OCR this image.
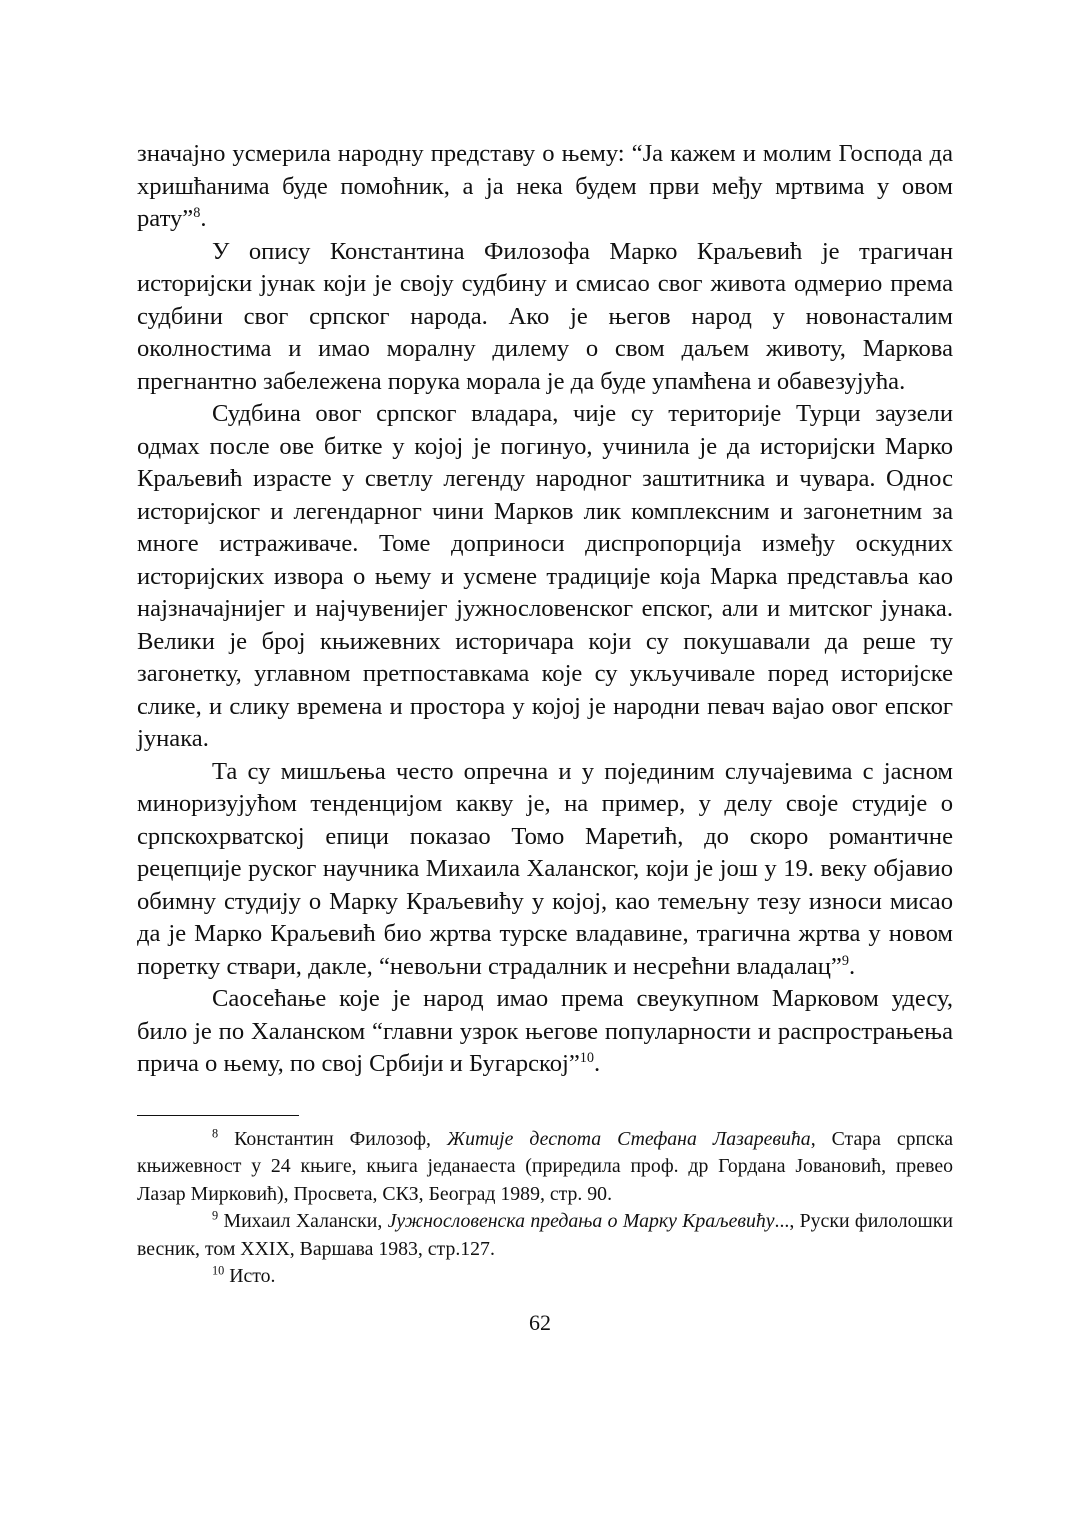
значајно усмерила народну представу о њему: “Ја кажем и молим Господа да хришћанима буде помоћник, а ја нека будем први међу мртвима у овом рату”$^8$.

У опису Константина Филозофа Марко Краљевић је трагичан историјски јунак који је своју судбину и смисао свог живота одмерио према судбини свог српског народа. Ако је његов народ у новонасталим околностима и имао моралну дилему о свом даљем животу, Маркова прегнантно забележена порука морала је да буде упамћена и обавезујућа.

Судбина овог српског владара, чије су територије Турци заузели одмах после ове битке у којој је погинуо, учинила је да историјски Марко Краљевић израсте у светлу легенду народног заштитника и чувара. Однос историјског и легендарног чини Марков лик комплексним и загонетним за многе истраживаче. Томе доприноси диспропорција између оскудних историјских извора о њему и усмене традиције која Марка представља као најзначајнијег и најчувенијег јужнословенског епског, али и митског јунака. Велики је број књижевних историчара који су покушавали да реше ту загонетку, углавном претпоставкама које су укључивале поред историјске слике, и слику времена и простора у којој је народни певач вајао овог епског јунака.

Та су мишљења често опречна и у појединим случајевима с јасном миноризујућом тенденцијом какву је, на пример, у делу своје студије о српскохрватској епици показао Томо Маретић, до скоро романтичне рецепције руског научника Михаила Халанског, који је још у 19. веку објавио обимну студију о Марку Краљевићу у којој, као темељну тезу износи мисао да је Марко Краљевић био жртва турске владавине, трагична жртва у новом поретку ствари, дакле, “невољни страдалник и несрећни владалац”$^9$.

Саосећање које је народ имао према свеукупном Марковом удесу, било је по Халанском “главни узрок његове популарности и распрострањења прича о њему, по свој Србији и Бугарској”$^{10}$.

$^8$ Константин Филозоф, Житије деспота Стефана Лазаревића, Стара српска књижевност у 24 књиге, књига једанаеста (приредила проф. др Гордана Јовановић, превео Лазар Мирковић), Просвета, СКЗ, Београд 1989, стр. 90.

$^9$ Михаил Халански, Јужнословенска предања о Марку Краљевићу..., Руски филолошки весник, том XXIX, Варшава 1983, стр.127.

$^{10}$ Исто.

62
